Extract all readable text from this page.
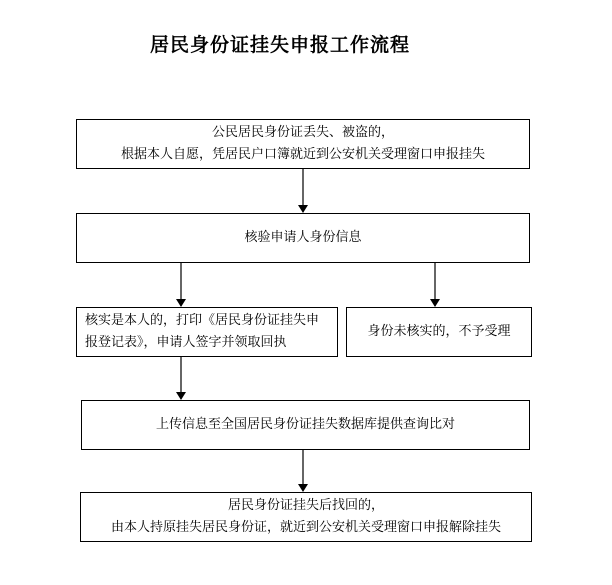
居民身份证挂失申报工作流程
公民居民身份证丢失、被盗的，
根据本人自愿，凭居民户口簿就近到公安机关受理窗口申报挂失
核验申请人身份信息
核实是本人的，打印《居民身份证挂失申
报登记表》，申请人签字并领取回执
身份未核实的，不予受理
上传信息至全国居民身份证挂失数据库提供查询比对
居民身份证挂失后找回的，
由本人持原挂失居民身份证，就近到公安机关受理窗口申报解除挂失
